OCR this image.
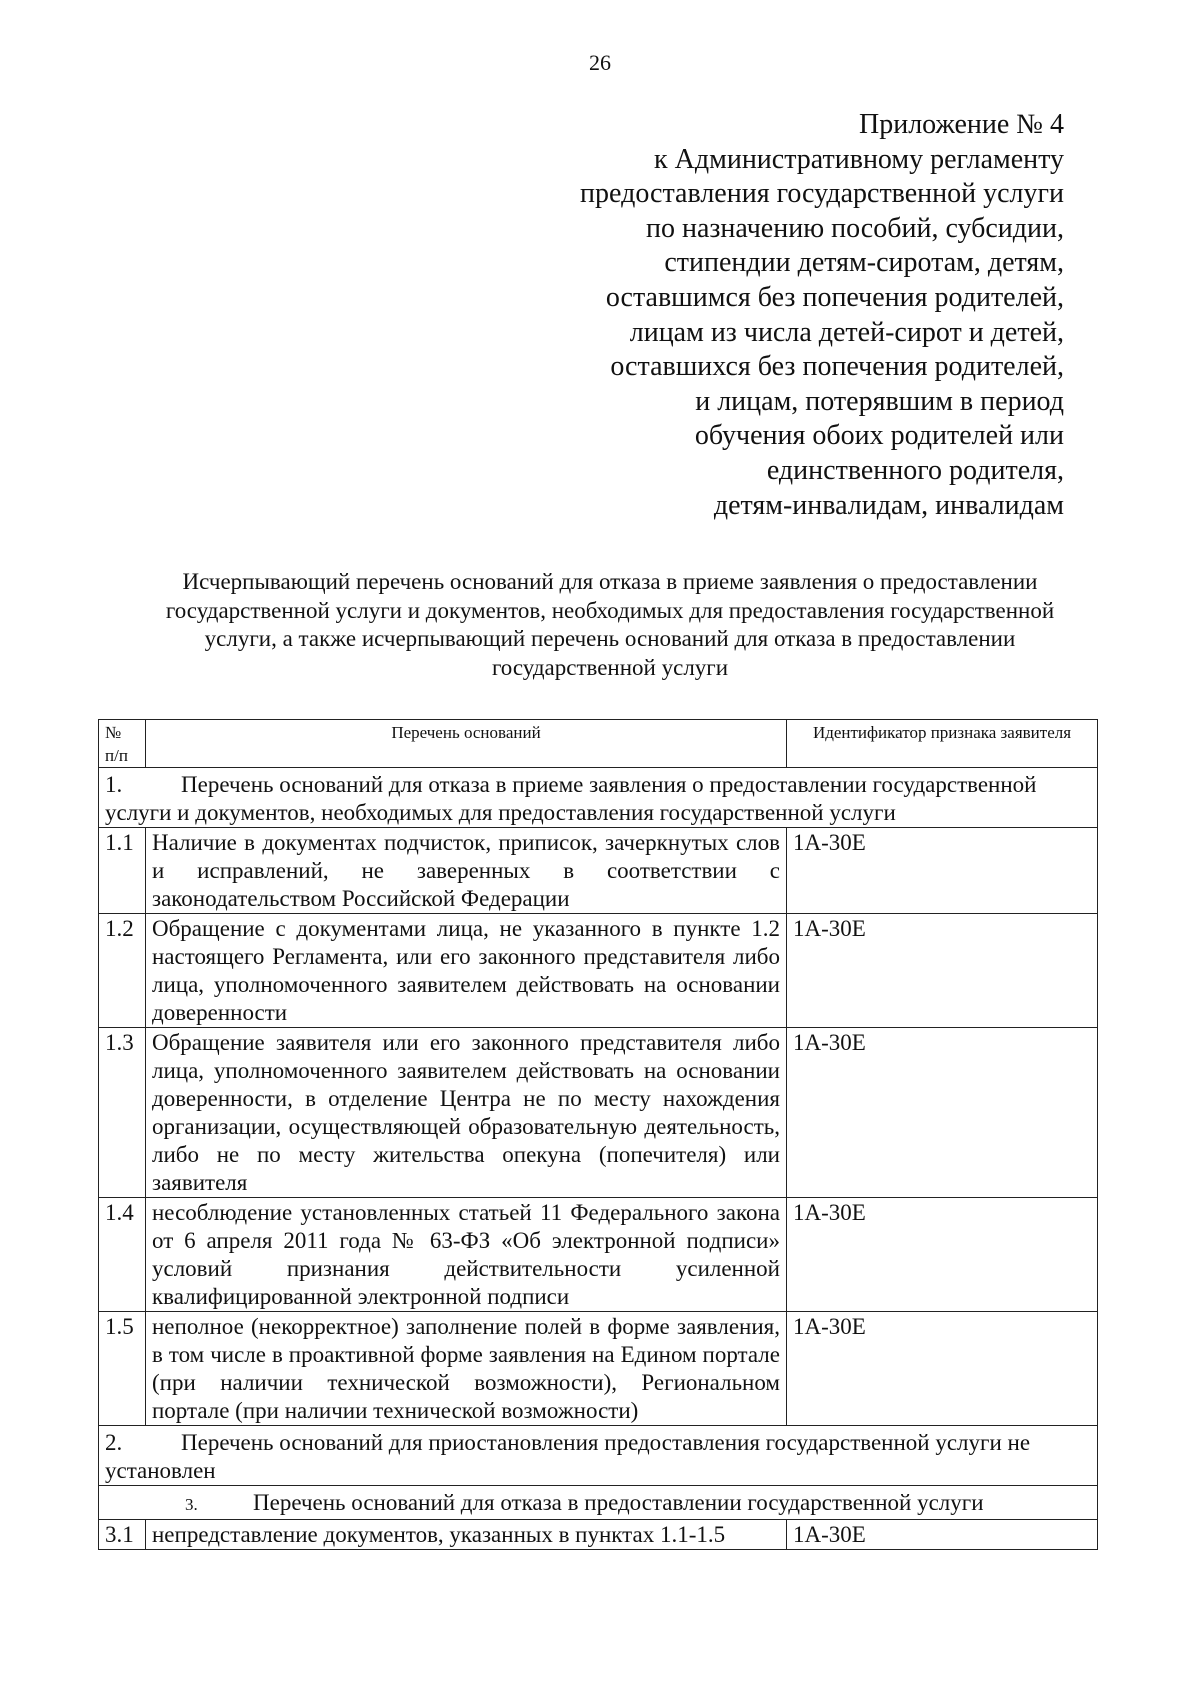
26
Приложение № 4
к Административному регламенту
предоставления государственной услуги
по назначению пособий, субсидии,
стипендии детям-сиротам, детям,
оставшимся без попечения родителей,
лицам из числа детей-сирот и детей,
оставшихся без попечения родителей,
и лицам, потерявшим в период
обучения обоих родителей или
единственного родителя,
детям-инвалидам, инвалидам
Исчерпывающий перечень оснований для отказа в приеме заявления о предоставлении
государственной услуги и документов, необходимых для предоставления государственной
услуги, а также исчерпывающий перечень оснований для отказа в предоставлении
государственной услуги
№ п/п	Перечень оснований	Идентификатор признака заявителя
1. Перечень оснований для отказа в приеме заявления о предоставлении государственной услуги и документов, необходимых для предоставления государственной услуги		
1.1	Наличие в документах подчисток, приписок, зачеркнутых слов и исправлений, не заверенных в соответствии с законодательством Российской Федерации	1А-30Е
1.2	Обращение с документами лица, не указанного в пункте 1.2 настоящего Регламента, или его законного представителя либо лица, уполномоченного заявителем действовать на основании доверенности	1А-30Е
1.3	Обращение заявителя или его законного представителя либо лица, уполномоченного заявителем действовать на основании доверенности, в отделение Центра не по месту нахождения организации, осуществляющей образовательную деятельность, либо не по месту жительства опекуна (попечителя) или заявителя	1А-30Е
1.4	несоблюдение установленных статьей 11 Федерального закона от 6 апреля 2011 года № 63-ФЗ «Об электронной подписи» условий признания действительности усиленной квалифицированной электронной подписи	1А-30Е
1.5	неполное (некорректное) заполнение полей в форме заявления, в том числе в проактивной форме заявления на Едином портале (при наличии технической возможности), Региональном портале (при наличии технической возможности)	1А-30Е
2. Перечень оснований для приостановления предоставления государственной услуги не установлен		
3. Перечень оснований для отказа в предоставлении государственной услуги		
3.1	непредставление документов, указанных в пунктах 1.1-1.5	1А-30Е
